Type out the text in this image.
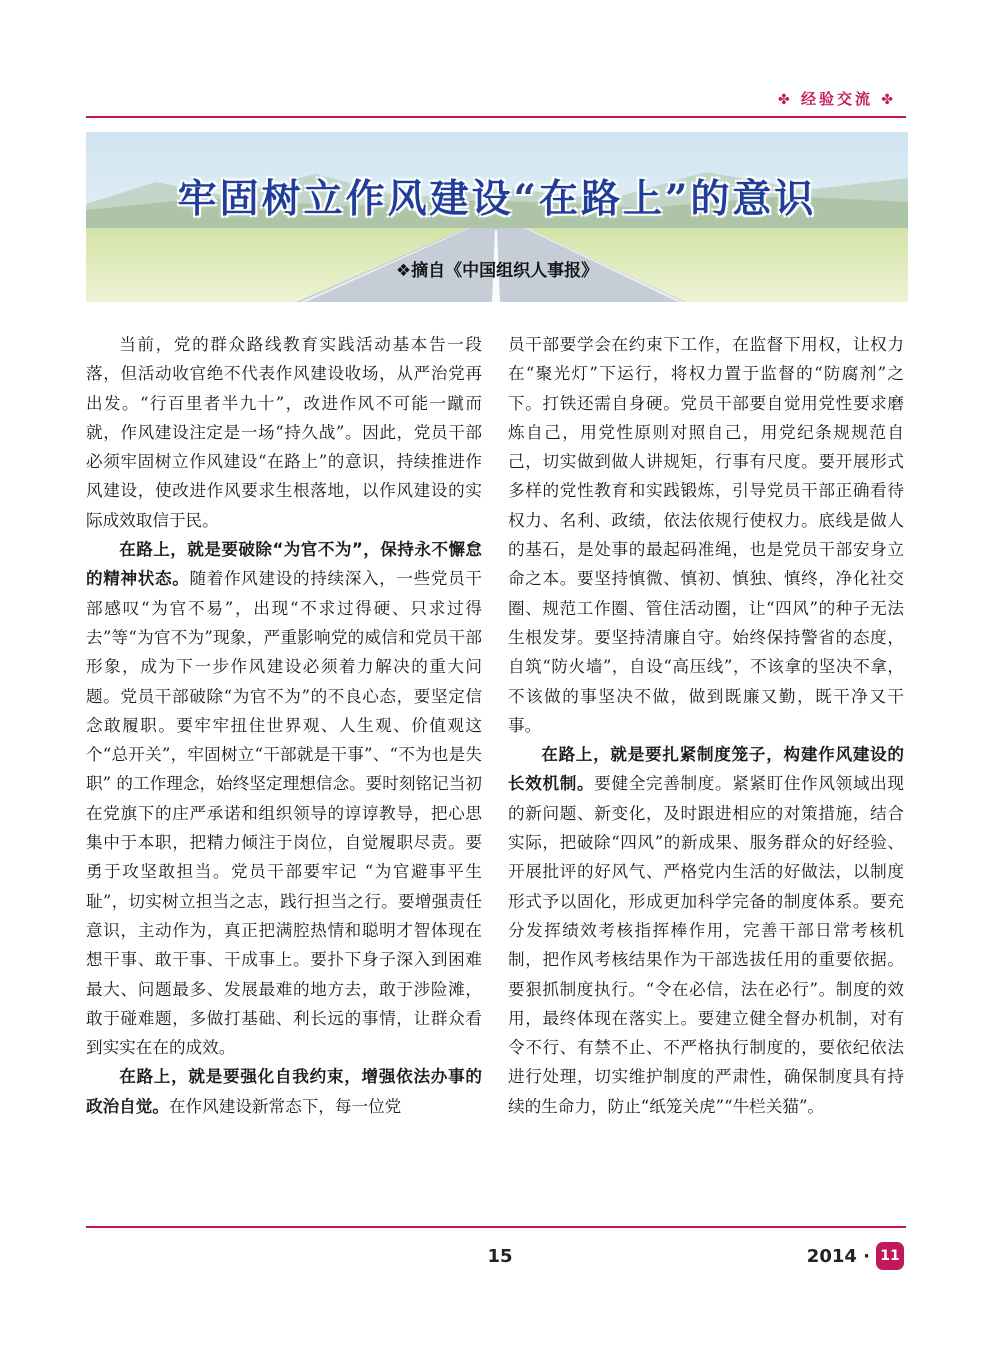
✤ 经验交流 ✤
牢固树立作风建设“在路上”的意识
❖摘自《中国组织人事报》

当前，党的群众路线教育实践活动基本告一段落，但活动收官绝不代表作风建设收场，从严治党再出发。“行百里者半九十”，改进作风不可能一蹴而就，作风建设注定是一场“持久战”。因此，党员干部必须牢固树立作风建设“在路上”的意识，持续推进作风建设，使改进作风要求生根落地，以作风建设的实际成效取信于民。

在路上，就是要破除“为官不为”，保持永不懈怠的精神状态。随着作风建设的持续深入，一些党员干部感叹“为官不易”，出现“不求过得硬、只求过得去”等“为官不为”现象，严重影响党的威信和党员干部形象，成为下一步作风建设必须着力解决的重大问题。党员干部破除“为官不为”的不良心态，要坚定信念敢履职。要牢牢扭住世界观、人生观、价值观这个“总开关”，牢固树立“干部就是干事”、“不为也是失职” 的工作理念，始终坚定理想信念。要时刻铭记当初在党旗下的庄严承诺和组织领导的谆谆教导，把心思集中于本职，把精力倾注于岗位，自觉履职尽责。要勇于攻坚敢担当。党员干部要牢记 “为官避事平生耻”，切实树立担当之志，践行担当之行。要增强责任意识，主动作为，真正把满腔热情和聪明才智体现在想干事、敢干事、干成事上。要扑下身子深入到困难最大、问题最多、发展最难的地方去，敢于涉险滩，敢于碰难题，多做打基础、利长远的事情，让群众看到实实在在的成效。

在路上，就是要强化自我约束，增强依法办事的政治自觉。在作风建设新常态下，每一位党

员干部要学会在约束下工作，在监督下用权，让权力在“聚光灯”下运行，将权力置于监督的“防腐剂”之下。打铁还需自身硬。党员干部要自觉用党性要求磨炼自己，用党性原则对照自己，用党纪条规规范自己，切实做到做人讲规矩，行事有尺度。要开展形式多样的党性教育和实践锻炼，引导党员干部正确看待权力、名利、政绩，依法依规行使权力。底线是做人的基石，是处事的最起码准绳，也是党员干部安身立命之本。要坚持慎微、慎初、慎独、慎终，净化社交圈、规范工作圈、管住活动圈，让“四风”的种子无法生根发芽。要坚持清廉自守。始终保持警省的态度，自筑“防火墙”，自设“高压线”，不该拿的坚决不拿，不该做的事坚决不做，做到既廉又勤，既干净又干事。

在路上，就是要扎紧制度笼子，构建作风建设的长效机制。要健全完善制度。紧紧盯住作风领域出现的新问题、新变化，及时跟进相应的对策措施，结合实际，把破除“四风”的新成果、服务群众的好经验、开展批评的好风气、严格党内生活的好做法，以制度形式予以固化，形成更加科学完备的制度体系。要充分发挥绩效考核指挥棒作用，完善干部日常考核机制，把作风考核结果作为干部选拔任用的重要依据。要狠抓制度执行。“令在必信，法在必行”。制度的效用，最终体现在落实上。要建立健全督办机制，对有令不行、有禁不止、不严格执行制度的，要依纪依法进行处理，切实维护制度的严肃性，确保制度具有持续的生命力，防止“纸笼关虎”“牛栏关猫”。

15	2014 · 11
